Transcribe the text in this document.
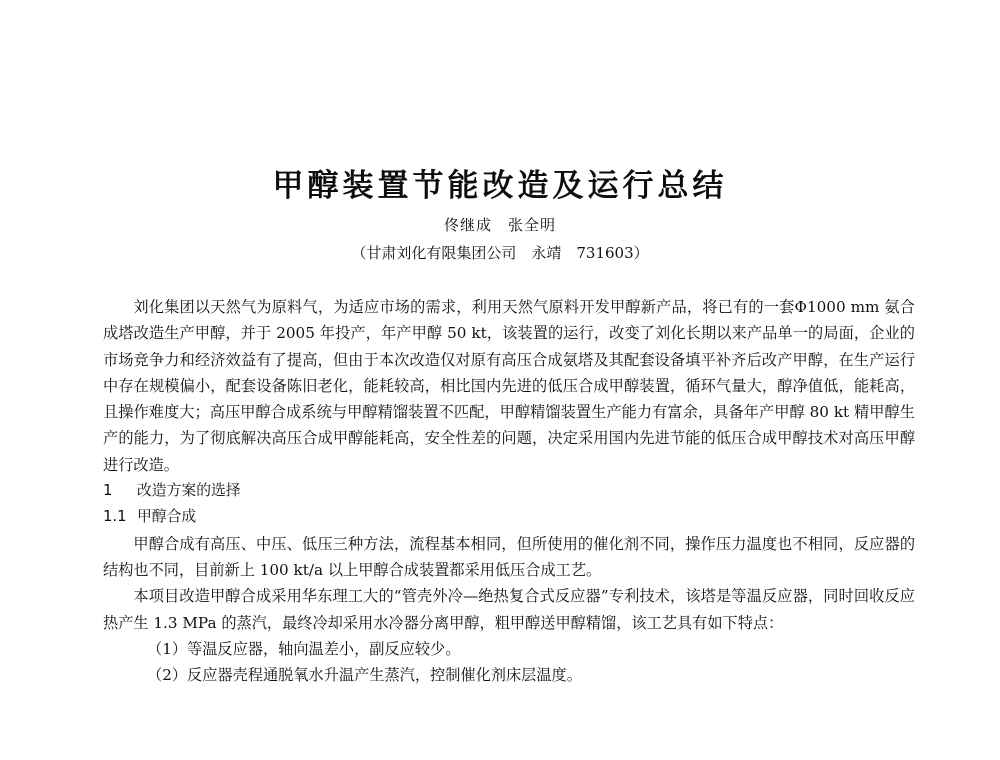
甲醇装置节能改造及运行总结
佟继成　张全明
（甘肃刘化有限集团公司　永靖　731603）

刘化集团以天然气为原料气，为适应市场的需求，利用天然气原料开发甲醇新产品，将已有的一套Φ1000 mm 氨合成塔改造生产甲醇，并于 2005 年投产，年产甲醇 50 kt，该装置的运行，改变了刘化长期以来产品单一的局面，企业的市场竞争力和经济效益有了提高，但由于本次改造仅对原有高压合成氨塔及其配套设备填平补齐后改产甲醇，在生产运行中存在规模偏小，配套设备陈旧老化，能耗较高，相比国内先进的低压合成甲醇装置，循环气量大，醇净值低，能耗高，且操作难度大；高压甲醇合成系统与甲醇精馏装置不匹配，甲醇精馏装置生产能力有富余，具备年产甲醇 80 kt 精甲醇生产的能力，为了彻底解决高压合成甲醇能耗高，安全性差的问题，决定采用国内先进节能的低压合成甲醇技术对高压甲醇进行改造。

1 改造方案的选择
1.1 甲醇合成

甲醇合成有高压、中压、低压三种方法，流程基本相同，但所使用的催化剂不同，操作压力温度也不相同，反应器的结构也不同，目前新上 100 kt/a 以上甲醇合成装置都采用低压合成工艺。

本项目改造甲醇合成采用华东理工大的“管壳外冷—绝热复合式反应器”专利技术，该塔是等温反应器，同时回收反应热产生 1.3 MPa 的蒸汽，最终冷却采用水冷器分离甲醇，粗甲醇送甲醇精馏，该工艺具有如下特点：

（1）等温反应器，轴向温差小，副反应较少。
（2）反应器壳程通脱氧水升温产生蒸汽，控制催化剂床层温度。
